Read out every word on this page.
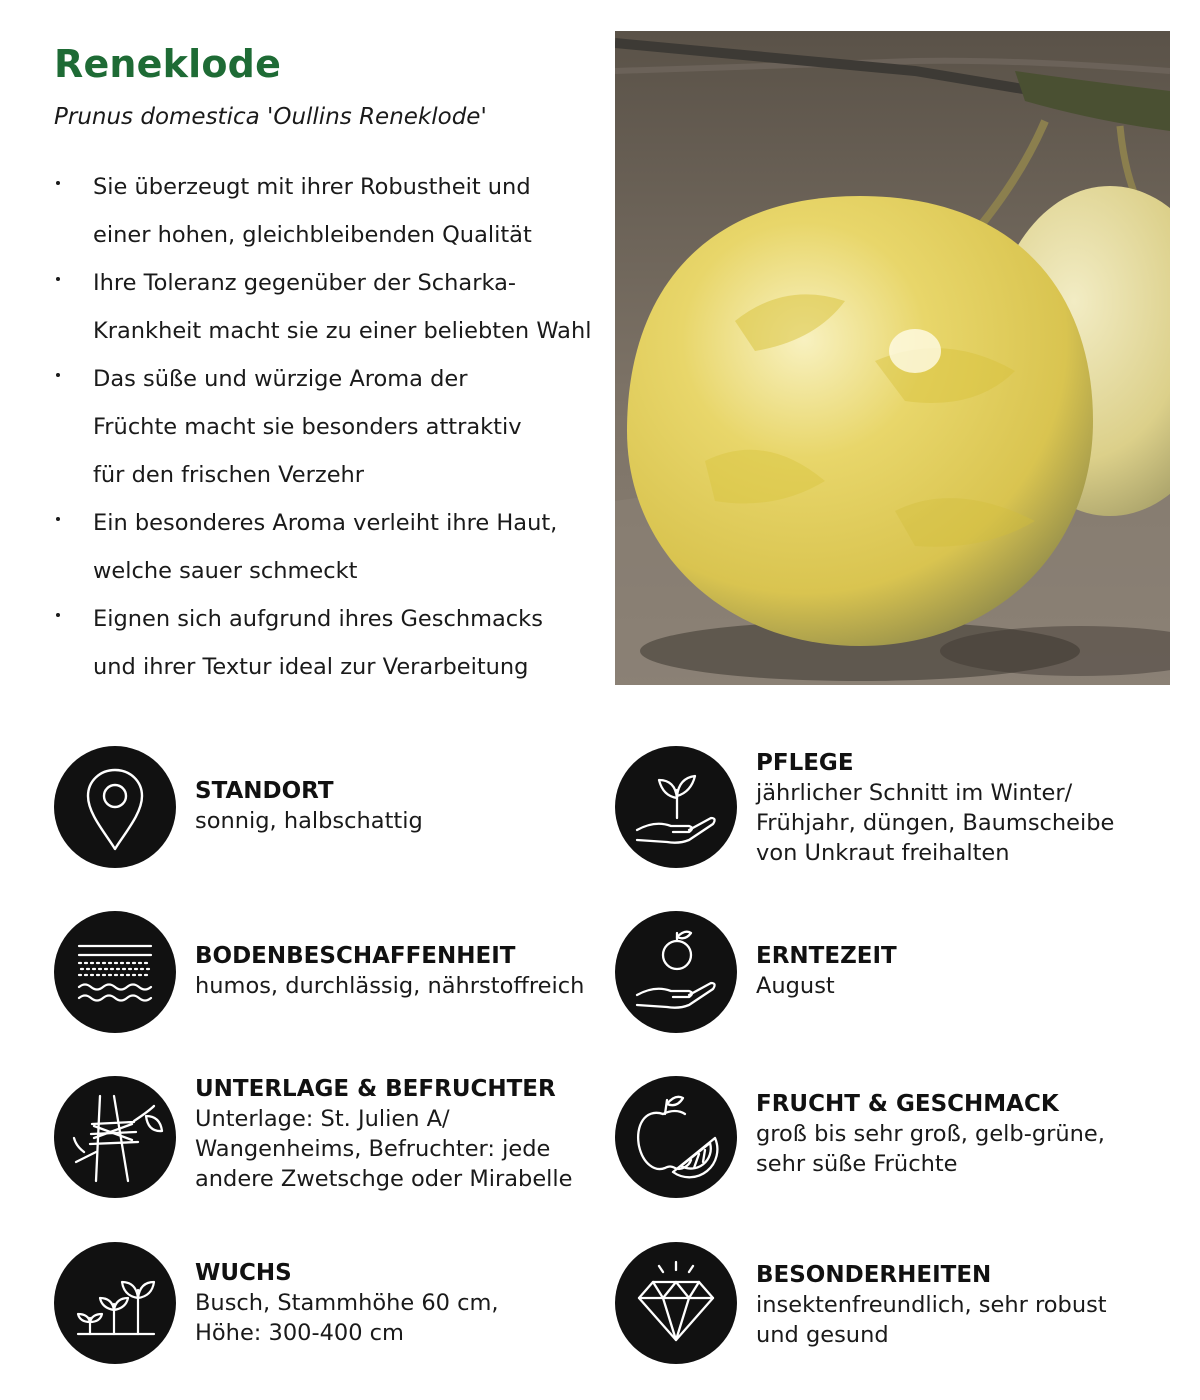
Reneklode

Prunus domestica 'Oullins Reneklode'

Sie überzeugt mit ihrer Robustheit und
einer hohen, gleichbleibenden Qualität
Ihre Toleranz gegenüber der Scharka-
Krankheit macht sie zu einer beliebten Wahl
Das süße und würzige Aroma der
Früchte macht sie besonders attraktiv
für den frischen Verzehr
Ein besonderes Aroma verleiht ihre Haut,
welche sauer schmeckt
Eignen sich aufgrund ihres Geschmacks
und ihrer Textur ideal zur Verarbeitung

STANDORT

sonnig, halbschattig

BODENBESCHAFFENHEIT

humos, durchlässig, nährstoffreich

UNTERLAGE & BEFRUCHTER

Unterlage: St. Julien A/
Wangenheims, Befruchter: jede
andere Zwetschge oder Mirabelle

WUCHS

Busch, Stammhöhe 60 cm,
Höhe: 300-400 cm

PFLEGE

jährlicher Schnitt im Winter/
Frühjahr, düngen, Baumscheibe
von Unkraut freihalten

ERNTEZEIT

August

FRUCHT & GESCHMACK

groß bis sehr groß, gelb-grüne,
sehr süße Früchte

BESONDERHEITEN

insektenfreundlich, sehr robust
und gesund
